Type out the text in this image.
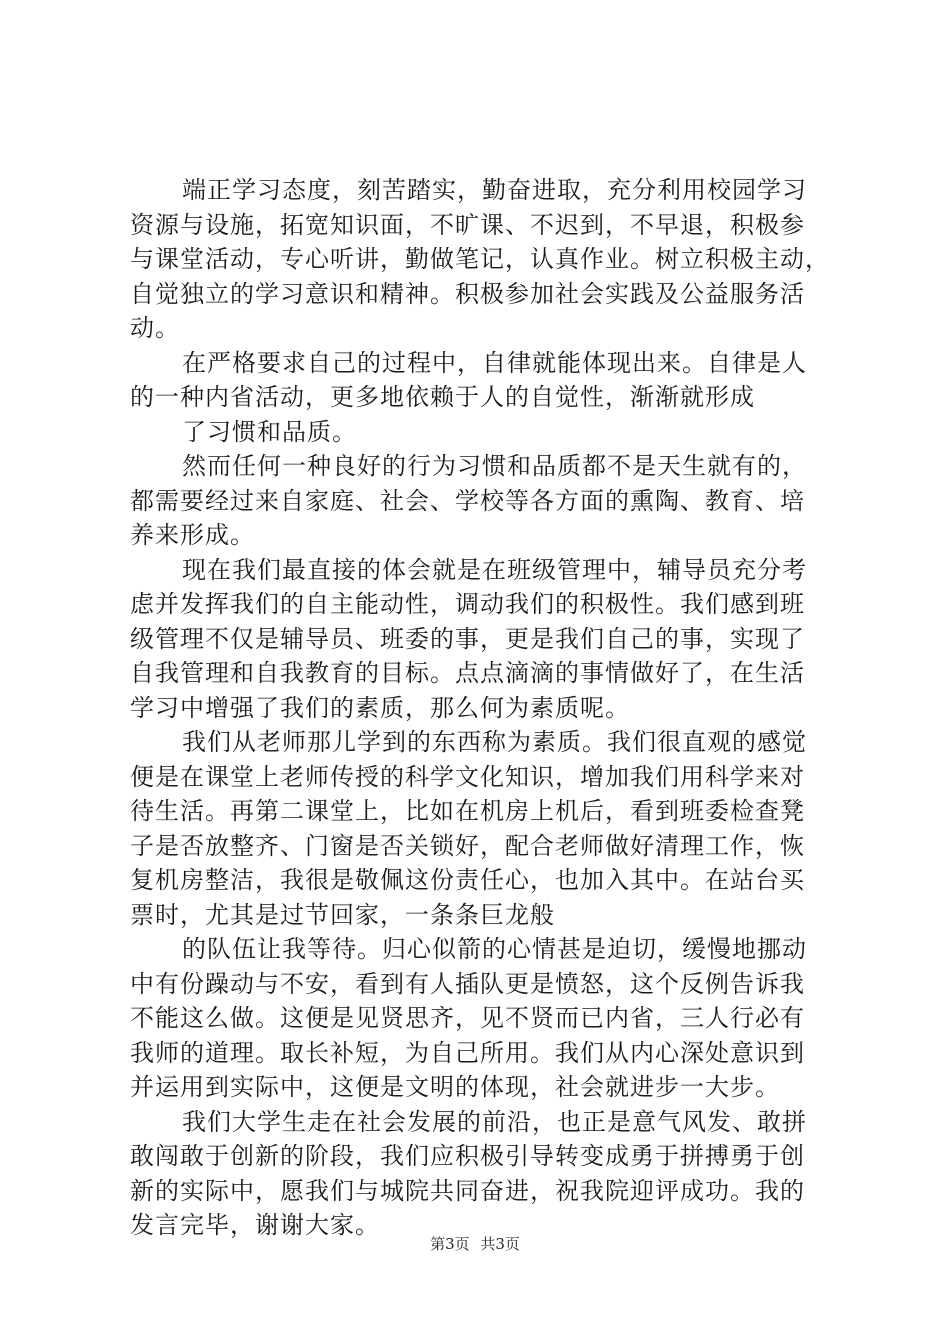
端正学习态度，刻苦踏实，勤奋进取，充分利用校园学习
资源与设施，拓宽知识面，不旷课、不迟到，不早退，积极参
与课堂活动，专心听讲，勤做笔记，认真作业。树立积极主动，
自觉独立的学习意识和精神。积极参加社会实践及公益服务活
动。
在严格要求自己的过程中，自律就能体现出来。自律是人
的一种内省活动，更多地依赖于人的自觉性，渐渐就形成
了习惯和品质。
然而任何一种良好的行为习惯和品质都不是天生就有的，
都需要经过来自家庭、社会、学校等各方面的熏陶、教育、培
养来形成。
现在我们最直接的体会就是在班级管理中，辅导员充分考
虑并发挥我们的自主能动性，调动我们的积极性。我们感到班
级管理不仅是辅导员、班委的事，更是我们自己的事，实现了
自我管理和自我教育的目标。点点滴滴的事情做好了，在生活
学习中增强了我们的素质，那么何为素质呢。
我们从老师那儿学到的东西称为素质。我们很直观的感觉
便是在课堂上老师传授的科学文化知识，增加我们用科学来对
待生活。再第二课堂上，比如在机房上机后，看到班委检查凳
子是否放整齐、门窗是否关锁好，配合老师做好清理工作，恢
复机房整洁，我很是敬佩这份责任心，也加入其中。在站台买
票时，尤其是过节回家，一条条巨龙般
的队伍让我等待。归心似箭的心情甚是迫切，缓慢地挪动
中有份躁动与不安，看到有人插队更是愤怒，这个反例告诉我
不能这么做。这便是见贤思齐，见不贤而已内省，三人行必有
我师的道理。取长补短，为自己所用。我们从内心深处意识到
并运用到实际中，这便是文明的体现，社会就进步一大步。
我们大学生走在社会发展的前沿，也正是意气风发、敢拼
敢闯敢于创新的阶段，我们应积极引导转变成勇于拼搏勇于创
新的实际中，愿我们与城院共同奋进，祝我院迎评成功。我的
发言完毕，谢谢大家。
第3页 共3页
